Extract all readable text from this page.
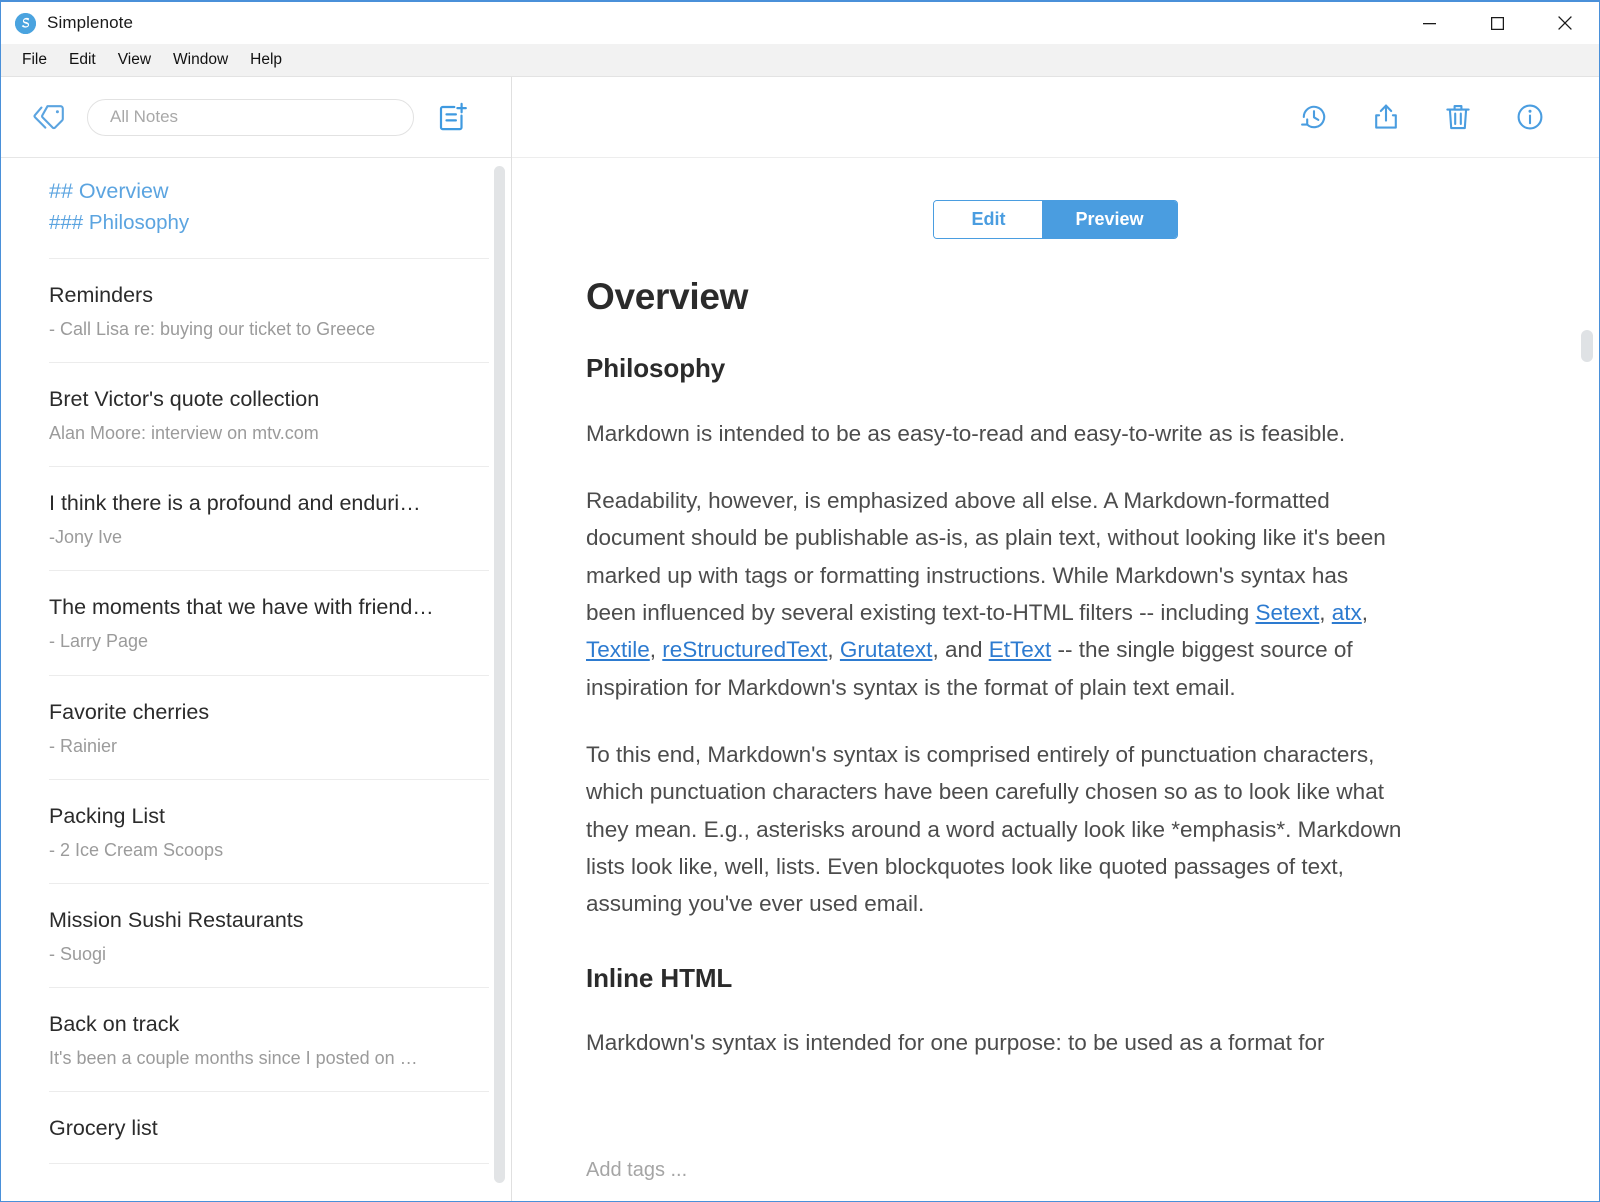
Simplenote
File	Edit	View	Window	Help
All Notes
## Overview
### Philosophy
Reminders
- Call Lisa re: buying our ticket to Greece
Bret Victor's quote collection
Alan Moore: interview on mtv.com
I think there is a profound and enduri…
-Jony Ive
The moments that we have with friend…
- Larry Page
Favorite cherries
- Rainier
Packing List
- 2 Ice Cream Scoops
Mission Sushi Restaurants
- Suogi
Back on track
It's been a couple months since I posted on …
Grocery list
Edit	Preview
Overview
Philosophy

Markdown is intended to be as easy-to-read and easy-to-write as is feasible.

Readability, however, is emphasized above all else. A Markdown-formatted document should be publishable as-is, as plain text, without looking like it's been marked up with tags or formatting instructions. While Markdown's syntax has been influenced by several existing text-to-HTML filters -- including Setext, atx, Textile, reStructuredText, Grutatext, and EtText -- the single biggest source of inspiration for Markdown's syntax is the format of plain text email.

To this end, Markdown's syntax is comprised entirely of punctuation characters, which punctuation characters have been carefully chosen so as to look like what they mean. E.g., asterisks around a word actually look like *emphasis*. Markdown lists look like, well, lists. Even blockquotes look like quoted passages of text, assuming you've ever used email.

Inline HTML

Markdown's syntax is intended for one purpose: to be used as a format for

Add tags ...
